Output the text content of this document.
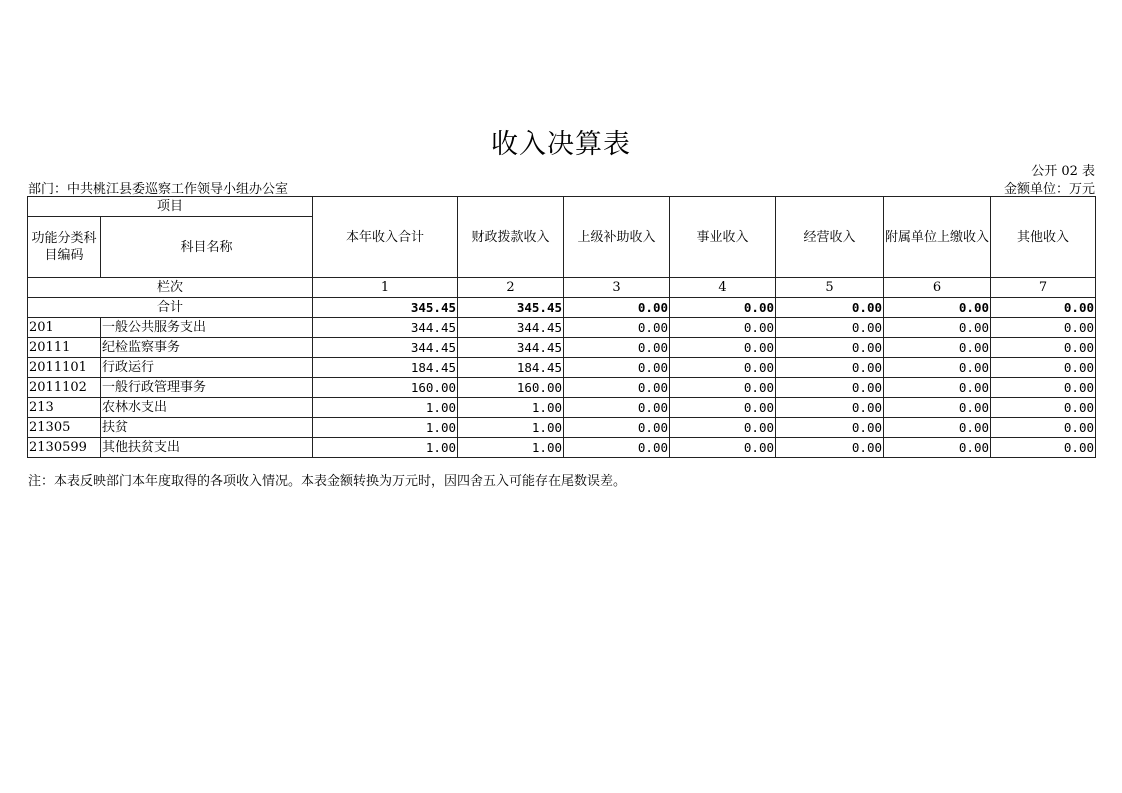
收入决算表
公开 02 表
部门：中共桃江县委巡察工作领导小组办公室	金额单位：万元
项目		本年收入合计	财政拨款收入	上级补助收入	事业收入	经营收入	附属单位上缴收入	其他收入
功能分类科目编码	科目名称							
栏次		1	2	3	4	5	6	7
合计		345.45	345.45	0.00	0.00	0.00	0.00	0.00
201	一般公共服务支出	344.45	344.45	0.00	0.00	0.00	0.00	0.00
20111	纪检监察事务	344.45	344.45	0.00	0.00	0.00	0.00	0.00
2011101	行政运行	184.45	184.45	0.00	0.00	0.00	0.00	0.00
2011102	一般行政管理事务	160.00	160.00	0.00	0.00	0.00	0.00	0.00
213	农林水支出	1.00	1.00	0.00	0.00	0.00	0.00	0.00
21305	扶贫	1.00	1.00	0.00	0.00	0.00	0.00	0.00
2130599	其他扶贫支出	1.00	1.00	0.00	0.00	0.00	0.00	0.00
注：本表反映部门本年度取得的各项收入情况。本表金额转换为万元时，因四舍五入可能存在尾数误差。
